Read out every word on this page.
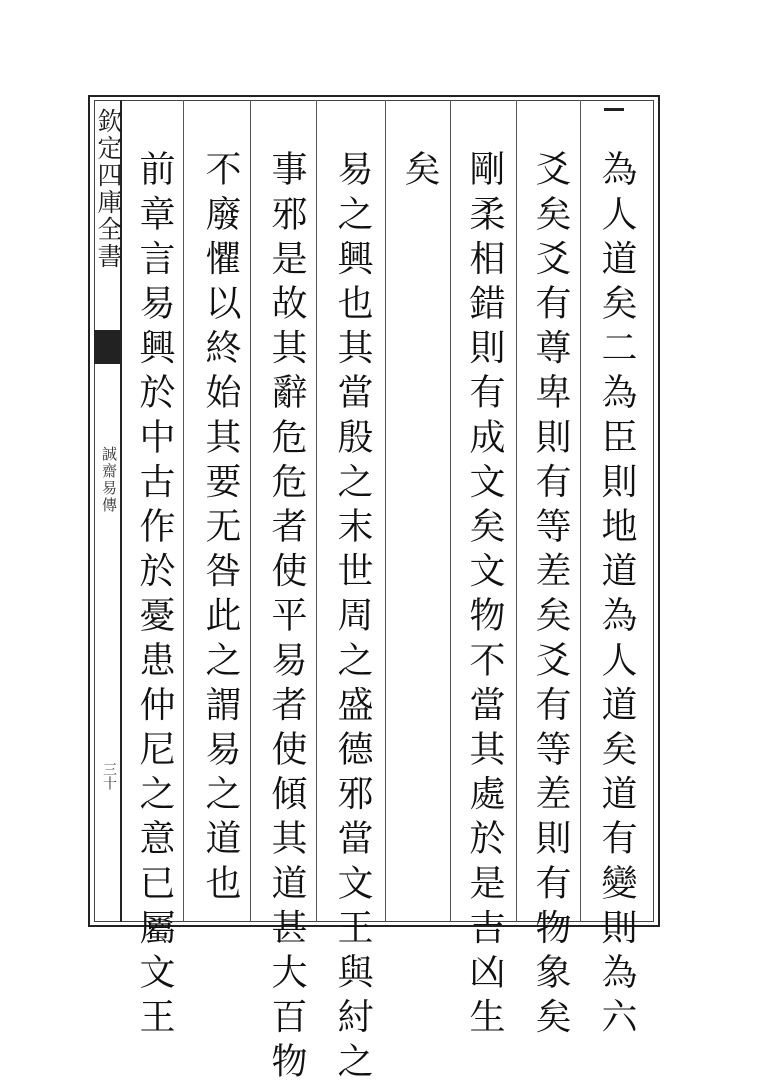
欽定四庫全書
誠齋易傳
三十	為人道矣二為臣則地道為人道矣道有變則為六
爻矣爻有尊卑則有等差矣爻有等差則有物象矣
剛柔相錯則有成文矣文物不當其處於是吉凶生
矣
易之興也其當殷之末世周之盛德邪當文王與紂之
事邪是故其辭危危者使平易者使傾其道甚大百物
不廢懼以終始其要无咎此之謂易之道也
前章言易興於中古作於憂患仲尼之意已屬文王
